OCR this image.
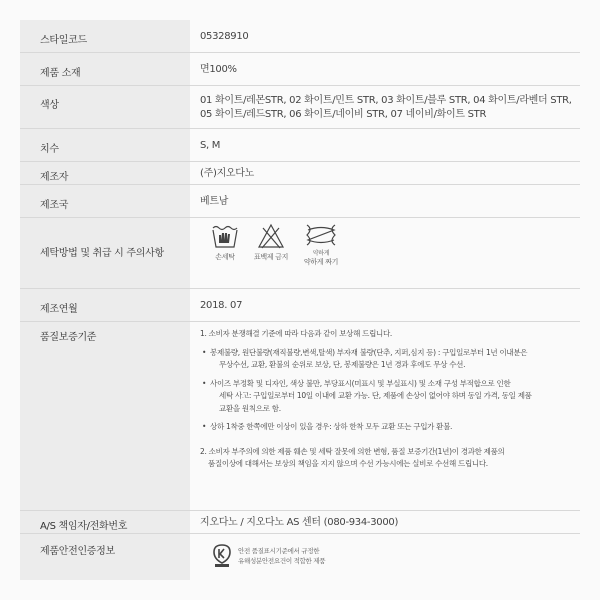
스타일코드	05328910
제품 소재	면100%
색상	01 화이트/레몬STR, 02 화이트/민트 STR, 03 화이트/블루 STR, 04 화이트/라벤더 STR,
05 화이트/레드STR, 06 화이트/네이비 STR, 07 네이비/화이트 STR
치수	S, M
제조자	(주)지오다노
제조국	베트남
세탁방법 및 취급 시 주의사항	손세탁	표백제 금지	약하게
약하게 짜기
제조연월	2018. 07
품질보증기준	1. 소비자 분쟁해결 기준에 따라 다음과 같이 보상해 드립니다.

• 봉제불량, 원단불량(재직불량,변색,탈색) 부자재 불량(단추, 지퍼,심지 등) : 구입일로부터 1년 이내분은

무상수선, 교환, 환불의 순위로 보상, 단, 봉제불량은 1년 경과 후에도 무상 수선.

• 사이즈 부정확 및 디자인, 색상 불만, 부당표시(미표시 및 부실표시) 및 소재 구성 부적합으로 인한

세탁 사고: 구입일로부터 10일 이내에 교환 가능. 단, 제품에 손상이 없어야 하며 동일 가격, 동일 제품

교환을 원칙으로 함.

• 상하 1착중 한쪽에만 이상이 있을 경우: 상하 한착 모두 교환 또는 구입가 환불.

2. 소비자 부주의에 의한 제품 훼손 및 세탁 잘못에 의한 변형, 품질 보증기간(1년)이 경과한 제품의

품질이상에 대해서는 보상의 책임을 지지 않으며 수선 가능시에는 실비로 수선해 드립니다.

A/S 책임자/전화번호	지오다노 / 지오다노 AS 센터 (080-934-3000)
제품안전인증정보	안전 품질표시기준에서 규정한
유해성분안전요건이 적합한 제품
